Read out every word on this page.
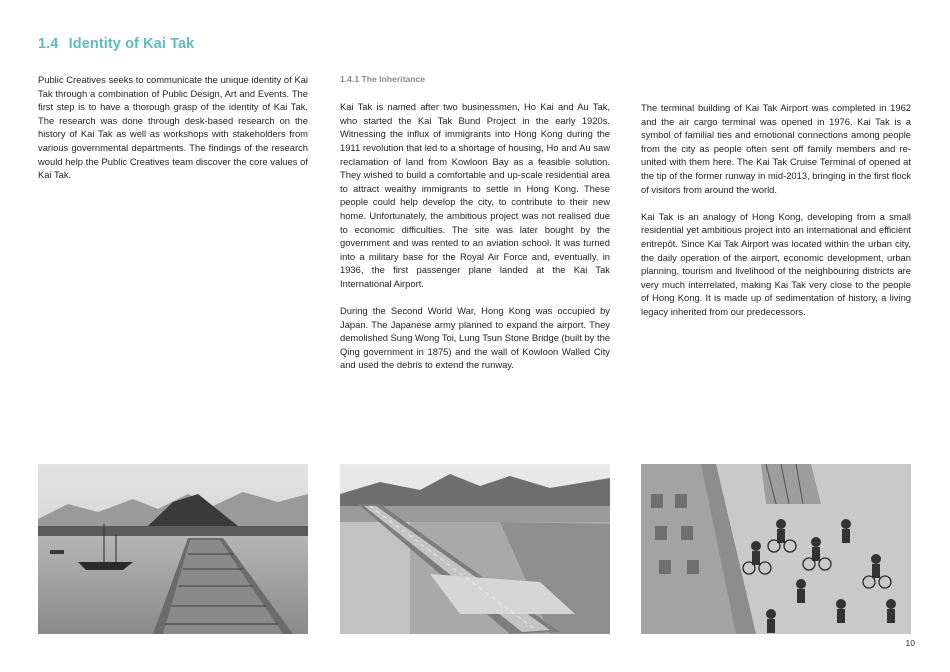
1.4 Identity of Kai Tak

Public Creatives seeks to communicate the unique identity of Kai Tak through a combination of Public Design, Art and Events. The first step is to have a thorough grasp of the identity of Kai Tak. The research was done through desk-based research on the history of Kai Tak as well as workshops with stakeholders from various governmental departments. The findings of the research would help the Public Creatives team discover the core values of Kai Tak.

1.4.1 The Inheritance

Kai Tak is named after two businessmen, Ho Kai and Au Tak, who started the Kai Tak Bund Project in the early 1920s. Witnessing the influx of immigrants into Hong Kong during the 1911 revolution that led to a shortage of housing, Ho and Au saw reclamation of land from Kowloon Bay as a feasible solution. They wished to build a comfortable and up-scale residential area to attract wealthy immigrants to settle in Hong Kong. These people could help develop the city, to contribute to their new home. Unfortunately, the ambitious project was not realised due to economic difficulties. The site was later bought by the government and was rented to an aviation school. It was turned into a military base for the Royal Air Force and, eventually, in 1936, the first passenger plane landed at the Kai Tak International Airport.

During the Second World War, Hong Kong was occupied by Japan. The Japanese army planned to expand the airport. They demolished Sung Wong Toi, Lung Tsun Stone Bridge (built by the Qing government in 1875) and the wall of Kowloon Walled City and used the debris to extend the runway.

The terminal building of Kai Tak Airport was completed in 1962 and the air cargo terminal was opened in 1976. Kai Tak is a symbol of familial ties and emotional connections among people from the city as people often sent off family members and re-united with them here. The Kai Tak Cruise Terminal of opened at the tip of the former runway in mid-2013, bringing in the first flock of visitors from around the world.

Kai Tak is an analogy of Hong Kong, developing from a small residential yet ambitious project into an international and efficient entrepôt. Since Kai Tak Airport was located within the urban city, the daily operation of the airport, economic development, urban planning, tourism and livelihood of the neighbouring districts are very much interrelated, making Kai Tak very close to the people of Hong Kong. It is made up of sedimentation of history, a living legacy inherited from our predecessors.

10
